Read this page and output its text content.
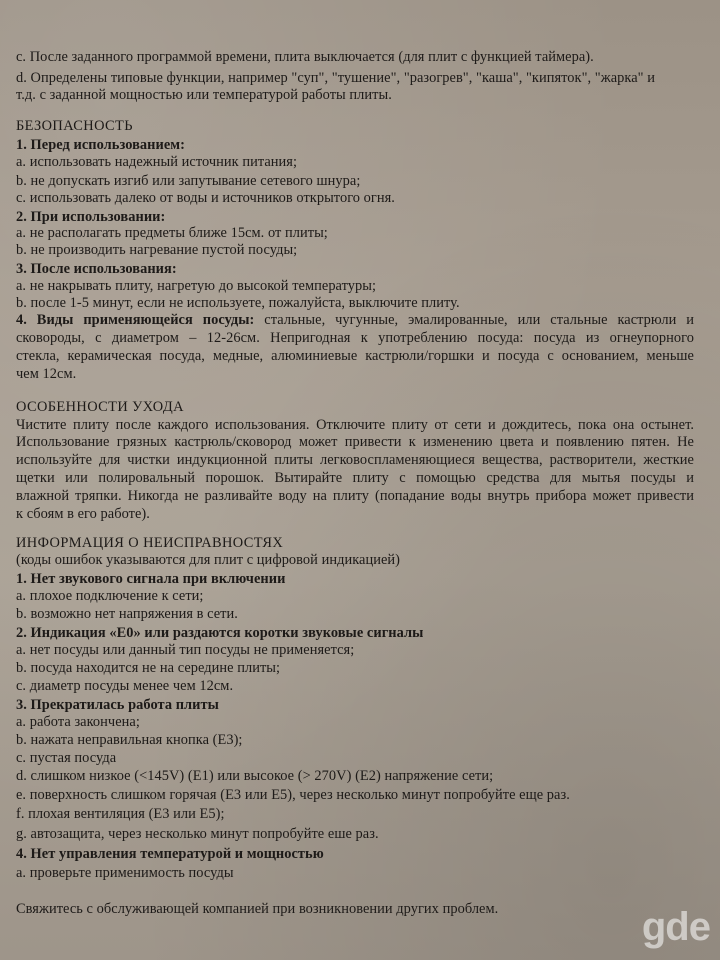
c. После заданного программой времени, плита выключается (для плит с функцией таймера).
d. Определены типовые функции, например "суп", "тушение", "разогрев", "каша", "кипяток", "жарка" и
т.д. с заданной мощностью или температурой работы плиты.
БЕЗОПАСНОСТЬ
1. Перед использованием:
a. использовать надежный источник питания;
b. не допускать изгиб или запутывание сетевого шнура;
c. использовать далеко от воды и источников открытого огня.
2. При использовании:
a. не располагать предметы ближе 15см. от плиты;
b. не производить нагревание пустой посуды;
3. После использования:
a. не накрывать плиту, нагретую до высокой температуры;
b. после 1-5 минут, если не используете, пожалуйста, выключите плиту.
4. Виды применяющейся посуды: стальные, чугунные, эмалированные, или стальные кастрюли и
сковороды, с диаметром – 12-26см. Непригодная к употреблению посуда: посуда из огнеупорного
стекла, керамическая посуда, медные, алюминиевые кастрюли/горшки и посуда с основанием, меньше
чем 12см.
ОСОБЕННОСТИ УХОДА
Чистите плиту после каждого использования. Отключите плиту от сети и дождитесь, пока она остынет.
Использование грязных кастрюль/сковород может привести к изменению цвета и появлению пятен. Не
используйте для чистки индукционной плиты легковоспламеняющиеся вещества, растворители, жесткие
щетки или полировальный порошок. Вытирайте плиту с помощью средства для мытья посуды и
влажной тряпки. Никогда не разливайте воду на плиту (попадание воды внутрь прибора может привести
к сбоям в его работе).
ИНФОРМАЦИЯ О НЕИСПРАВНОСТЯХ
(коды ошибок указываются для плит с цифровой индикацией)
1. Нет звукового сигнала при включении
a. плохое подключение к сети;
b. возможно нет напряжения в сети.
2. Индикация «E0» или раздаются коротки звуковые сигналы
a. нет посуды или данный тип посуды не применяется;
b. посуда находится не на середине плиты;
c. диаметр посуды менее чем 12см.
3. Прекратилась работа плиты
a. работа закончена;
b. нажата неправильная кнопка (E3);
c. пустая посуда
d. слишком низкое (<145V) (E1) или высокое (> 270V) (E2) напряжение сети;
e. поверхность слишком горячая (E3 или E5), через несколько минут попробуйте еще раз.
f. плохая вентиляция (E3 или E5);
g. автозащита, через несколько минут попробуйте еше раз.
4. Нет управления температурой и мощностью
a. проверьте применимость посуды
Свяжитесь с обслуживающей компанией при возникновении других проблем.	gde
